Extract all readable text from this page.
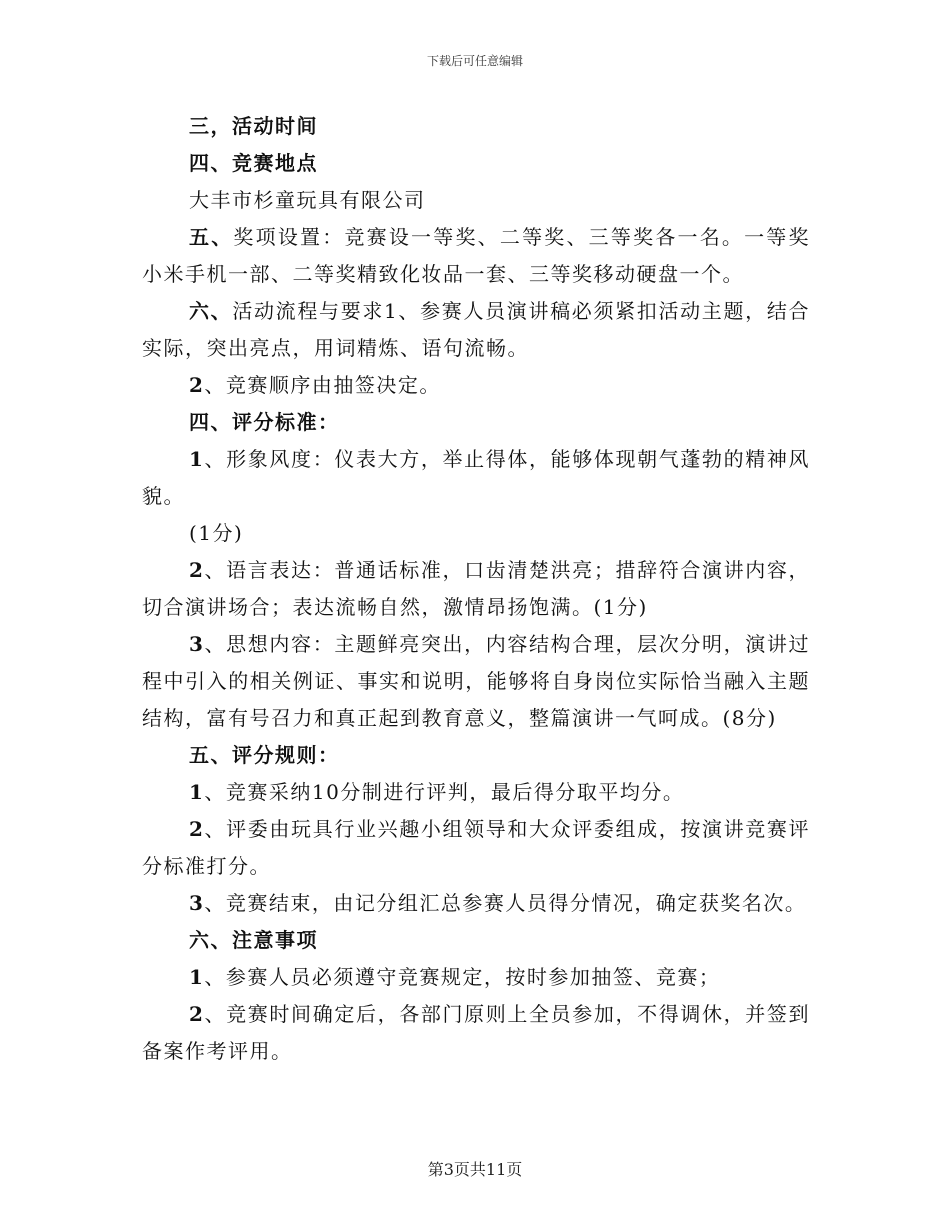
下载后可任意编辑

三，活动时间

四、竞赛地点

大丰市杉童玩具有限公司

五、奖项设置：竞赛设一等奖、二等奖、三等奖各一名。一等奖小米手机一部、二等奖精致化妆品一套、三等奖移动硬盘一个。

六、活动流程与要求1、参赛人员演讲稿必须紧扣活动主题，结合实际，突出亮点，用词精炼、语句流畅。

2、竞赛顺序由抽签决定。

四、评分标准：

1、形象风度：仪表大方，举止得体，能够体现朝气蓬勃的精神风貌。

(1分)

2、语言表达：普通话标准，口齿清楚洪亮；措辞符合演讲内容，切合演讲场合；表达流畅自然，激情昂扬饱满。(1分)

3、思想内容：主题鲜亮突出，内容结构合理，层次分明，演讲过程中引入的相关例证、事实和说明，能够将自身岗位实际恰当融入主题结构，富有号召力和真正起到教育意义，整篇演讲一气呵成。(8分)

五、评分规则：

1、竞赛采纳10分制进行评判，最后得分取平均分。

2、评委由玩具行业兴趣小组领导和大众评委组成，按演讲竞赛评分标准打分。

3、竞赛结束，由记分组汇总参赛人员得分情况，确定获奖名次。

六、注意事项

1、参赛人员必须遵守竞赛规定，按时参加抽签、竞赛；

2、竞赛时间确定后，各部门原则上全员参加，不得调休，并签到备案作考评用。

第3页共11页
